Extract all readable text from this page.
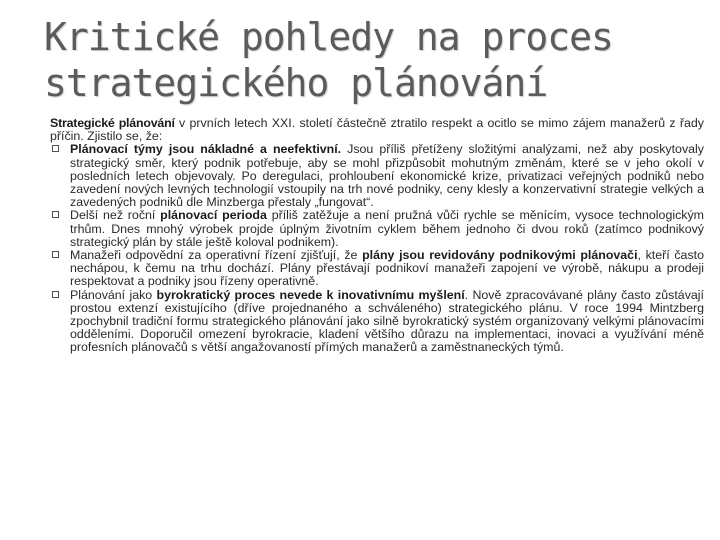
Kritické pohledy na proces
strategického plánování

Strategické plánování v prvních letech XXI. století částečně ztratilo respekt a ocitlo se mimo zájem manažerů z řady příčin. Zjistilo se, že:

Plánovací týmy jsou nákladné a neefektivní. Jsou příliš přetíženy složitými analýzami, než aby poskytovaly strategický směr, který podnik potřebuje, aby se mohl přizpůsobit mohutným změnám, které se v jeho okolí v posledních letech objevovaly. Po deregulaci, prohloubení ekonomické krize, privatizaci veřejných podniků nebo zavedení nových levných technologií vstoupily na trh nové podniky, ceny klesly a konzervativní strategie velkých a zavedených podniků dle Minzberga přestaly „fungovat“.
Delší než roční plánovací perioda příliš zatěžuje a není pružná vůči rychle se měnícím, vysoce technologickým trhům. Dnes mnohý výrobek projde úplným životním cyklem během jednoho či dvou roků (zatímco podnikový strategický plán by stále ještě koloval podnikem).
Manažeři odpovědní za operativní řízení zjišťují, že plány jsou revidovány podnikovými plánovači, kteří často nechápou, k čemu na trhu dochází. Plány přestávají podnikoví manažeři zapojení ve výrobě, nákupu a prodeji respektovat a podniky jsou řízeny operativně.
Plánování jako byrokratický proces nevede k inovativnímu myšlení. Nově zpracovávané plány často zůstávají prostou extenzí existujícího (dříve projednaného a schváleného) strategického plánu. V roce 1994 Mintzberg zpochybnil tradiční formu strategického plánování jako silně byrokratický systém organizovaný velkými plánovacími odděleními. Doporučil omezení byrokracie, kladení většího důrazu na implementaci, inovaci a využívání méně profesních plánovačů s větší angažovaností přímých manažerů a zaměstnaneckých týmů.
